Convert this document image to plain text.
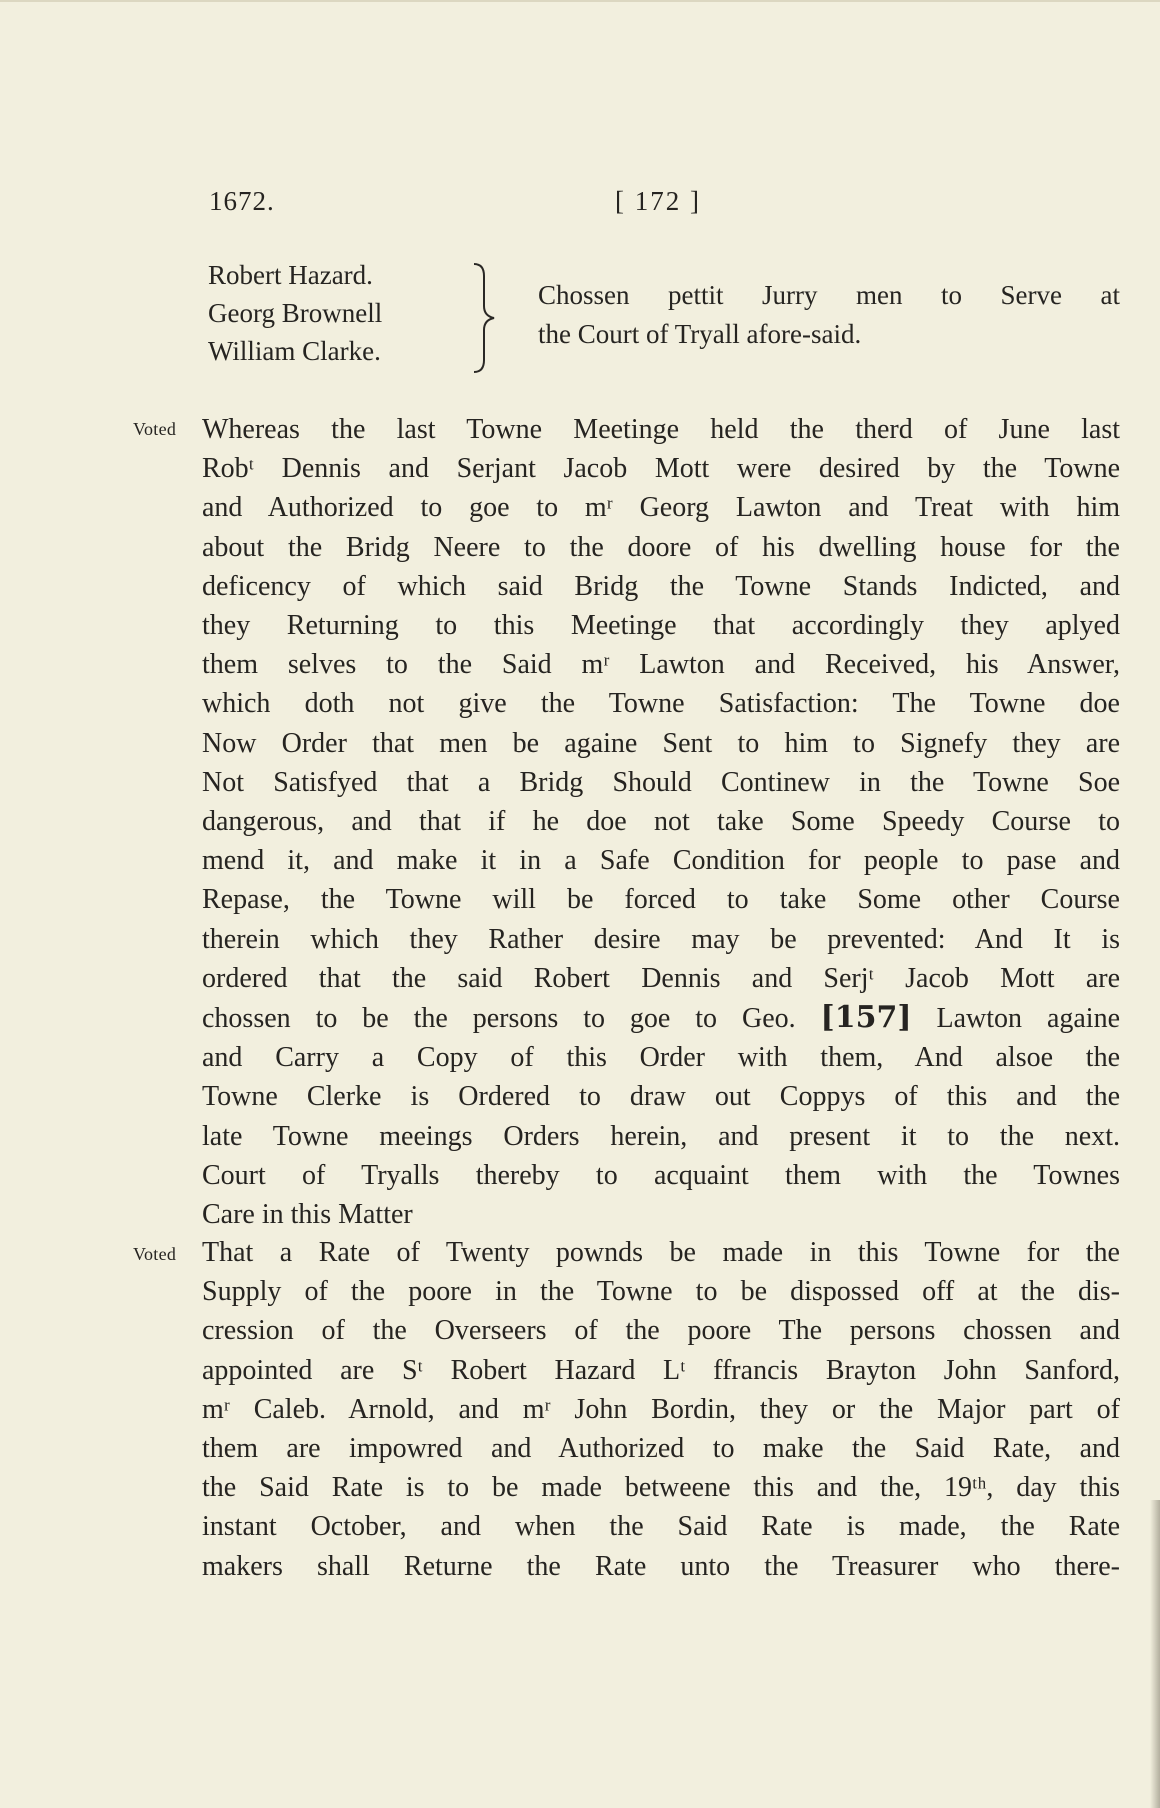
1672.	[ 172 ]
Robert Hazard.
Georg Brownell
William Clarke.
Chossen pettit Jurry men to Serve at
the Court of Tryall afore-said.
Voted Whereas the last Towne Meetinge held the therd of June last
Robᵗ Dennis and Serjant Jacob Mott were desired by the Towne
and Authorized to goe to mʳ Georg Lawton and Treat with him
about the Bridg Neere to the doore of his dwelling house for the
deficency of which said Bridg the Towne Stands Indicted, and
they Returning to this Meetinge that accordingly they aplyed
them selves to the Said mʳ Lawton and Received, his Answer,
which doth not give the Towne Satisfaction: The Towne doe
Now Order that men be againe Sent to him to Signefy they are
Not Satisfyed that a Bridg Should Continew in the Towne Soe
dangerous, and that if he doe not take Some Speedy Course to
mend it, and make it in a Safe Condition for people to pase and
Repase, the Towne will be forced to take Some other Course
therein which they Rather desire may be prevented: And It is
ordered that the said Robert Dennis and Serjᵗ Jacob Mott are
chossen to be the persons to goe to Geo. [157] Lawton againe
and Carry a Copy of this Order with them, And alsoe the
Towne Clerke is Ordered to draw out Coppys of this and the
late Towne meeings Orders herein, and present it to the next.
Court of Tryalls thereby to acquaint them with the Townes
Care in this Matter
Voted That a Rate of Twenty pownds be made in this Towne for the
Supply of the poore in the Towne to be dispossed off at the dis-
cression of the Overseers of the poore The persons chossen and
appointed are Sᵗ Robert Hazard Lᵗ ffrancis Brayton John Sanford,
mʳ Caleb. Arnold, and mʳ John Bordin, they or the Major part of
them are impowred and Authorized to make the Said Rate, and
the Said Rate is to be made betweene this and the, 19ᵗʰ, day this
instant October, and when the Said Rate is made, the Rate
makers shall Returne the Rate unto the Treasurer who there-
